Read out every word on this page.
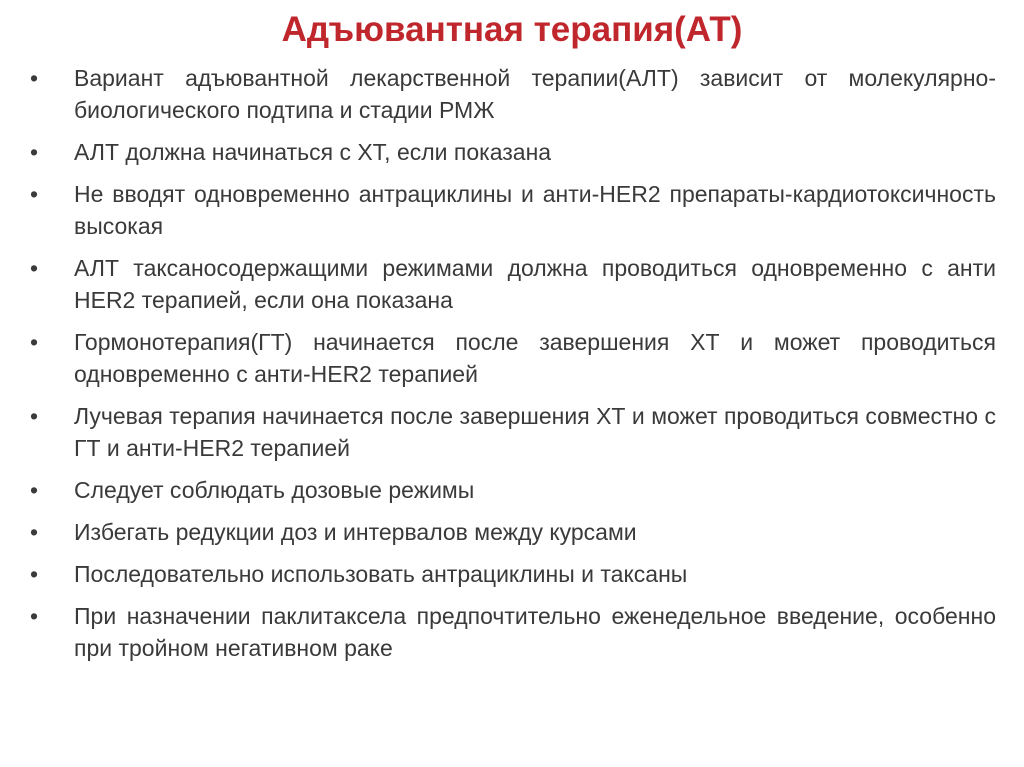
Адъювантная терапия(АТ)
•	Вариант адъювантной лекарственной терапии(АЛТ) зависит от молекулярно-биологического подтипа и стадии РМЖ
•	АЛТ должна начинаться с ХТ, если показана
•	Не вводят одновременно антрациклины и анти-HER2 препараты-кардиотоксичность высокая
•	АЛТ таксаносодержащими режимами должна проводиться одновременно с анти HER2 терапией, если она показана
•	Гормонотерапия(ГТ) начинается после завершения ХТ и может проводиться одновременно с анти-HER2 терапией
•	Лучевая терапия начинается после завершения ХТ и может проводиться совместно с ГТ и анти-HER2 терапией
•	Следует соблюдать дозовые режимы
•	Избегать редукции доз и интервалов между курсами
•	Последовательно использовать антрациклины и таксаны
•	При назначении паклитаксела предпочтительно еженедельное введение, особенно при тройном негативном раке
